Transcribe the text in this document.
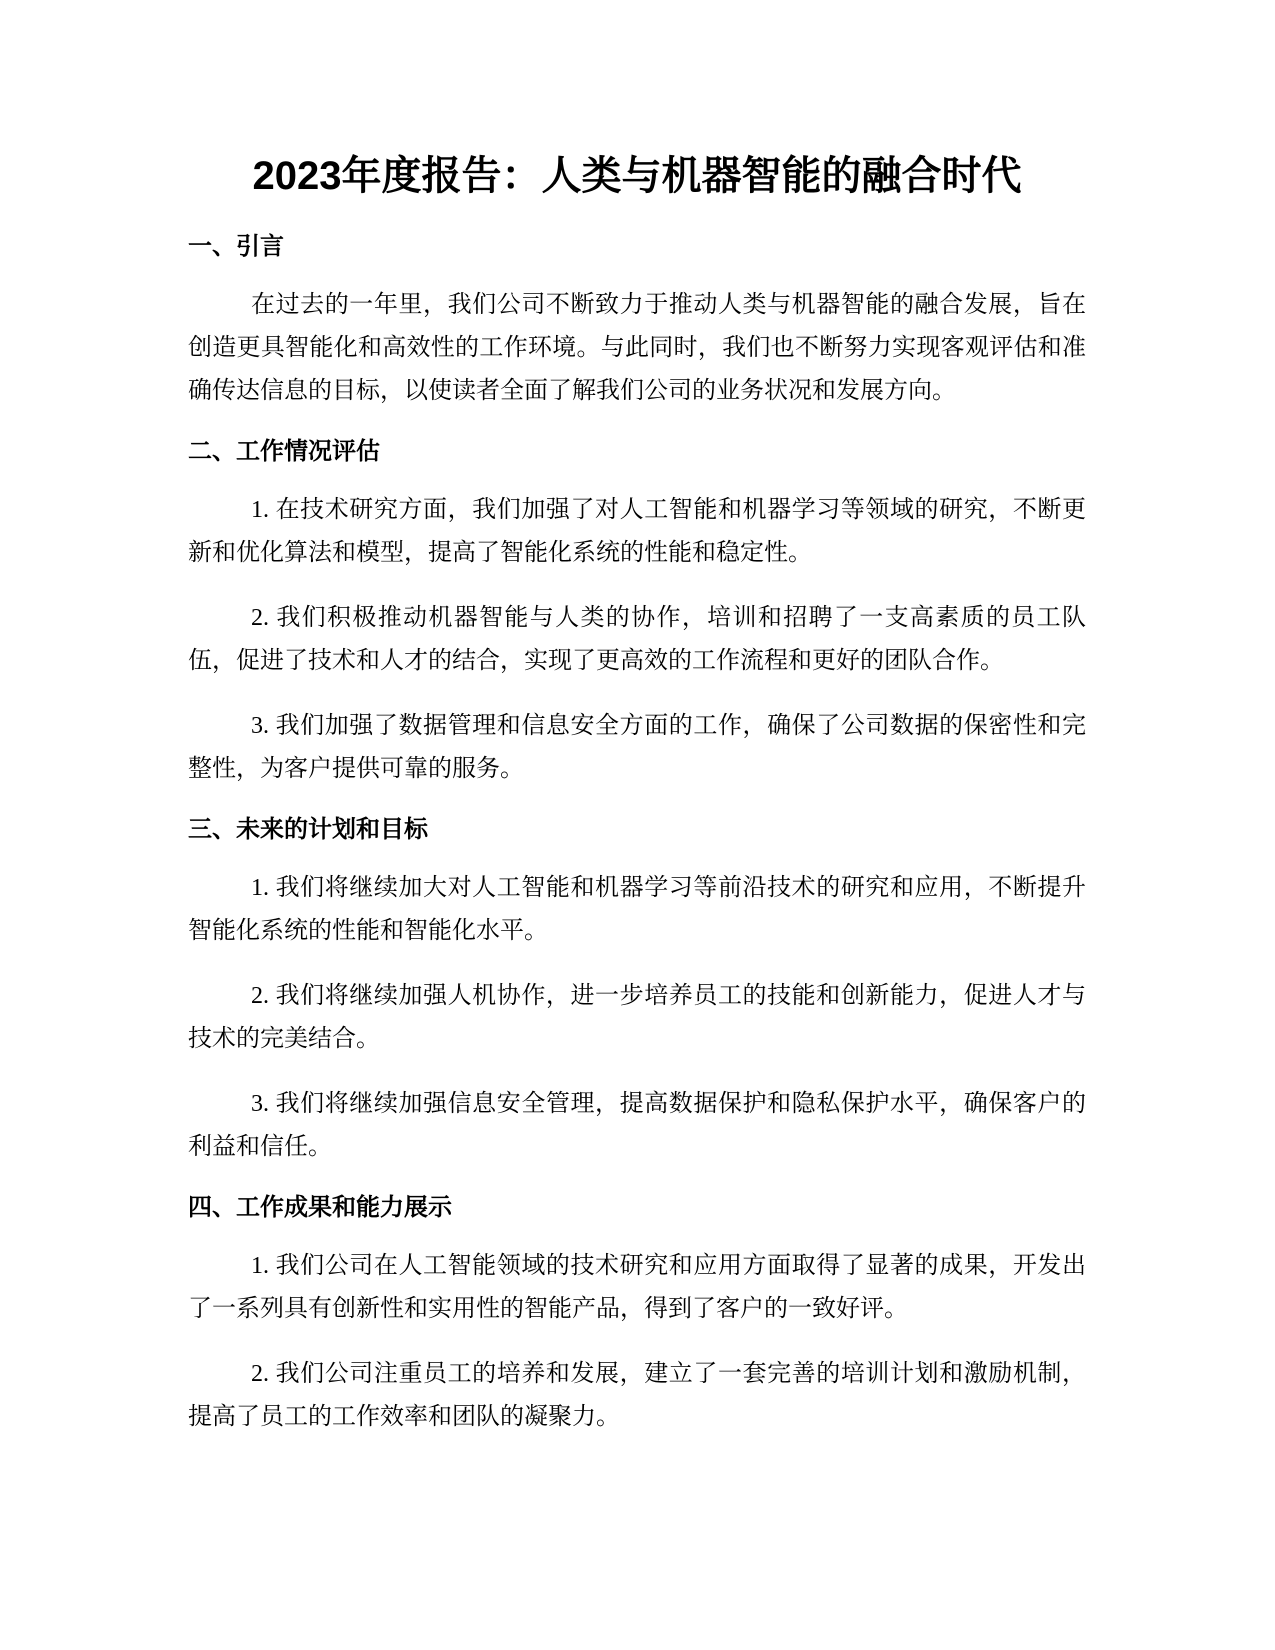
2023年度报告：人类与机器智能的融合时代
一、引言

在过去的一年里，我们公司不断致力于推动人类与机器智能的融合发展，旨在创造更具智能化和高效性的工作环境。与此同时，我们也不断努力实现客观评估和准确传达信息的目标，以使读者全面了解我们公司的业务状况和发展方向。

二、工作情况评估

1. 在技术研究方面，我们加强了对人工智能和机器学习等领域的研究，不断更新和优化算法和模型，提高了智能化系统的性能和稳定性。

2. 我们积极推动机器智能与人类的协作，培训和招聘了一支高素质的员工队伍，促进了技术和人才的结合，实现了更高效的工作流程和更好的团队合作。

3. 我们加强了数据管理和信息安全方面的工作，确保了公司数据的保密性和完整性，为客户提供可靠的服务。

三、未来的计划和目标

1. 我们将继续加大对人工智能和机器学习等前沿技术的研究和应用，不断提升智能化系统的性能和智能化水平。

2. 我们将继续加强人机协作，进一步培养员工的技能和创新能力，促进人才与技术的完美结合。

3. 我们将继续加强信息安全管理，提高数据保护和隐私保护水平，确保客户的利益和信任。

四、工作成果和能力展示

1. 我们公司在人工智能领域的技术研究和应用方面取得了显著的成果，开发出了一系列具有创新性和实用性的智能产品，得到了客户的一致好评。

2. 我们公司注重员工的培养和发展，建立了一套完善的培训计划和激励机制，提高了员工的工作效率和团队的凝聚力。
